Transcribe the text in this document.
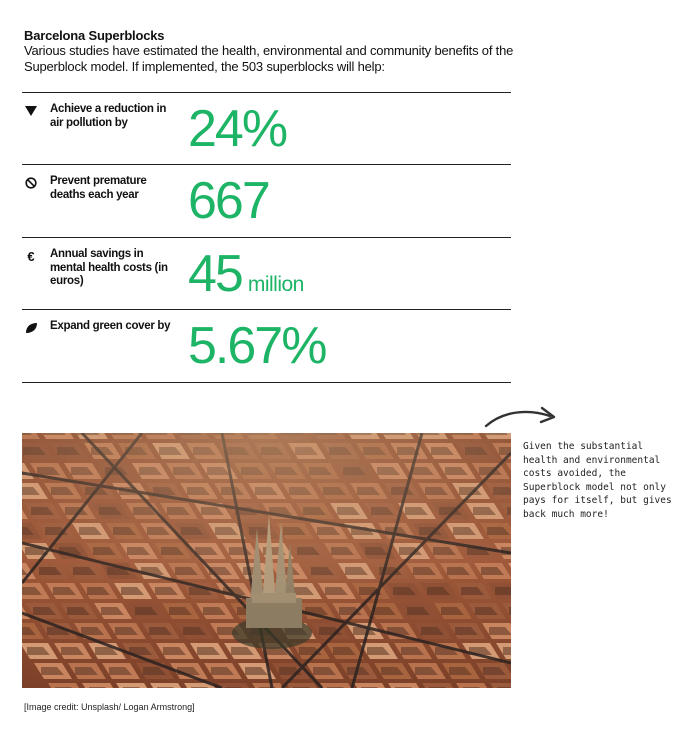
Barcelona Superblocks
Various studies have estimated the health, environmental and community benefits of the Superblock model. If implemented, the 503 superblocks will help:
Achieve a reduction in air pollution by	24%
Prevent premature deaths each year 667
€ Annual savings in mental health costs (in euros)	45 million
Expand green cover by 5.67%
Given the substantial health and environmental costs avoided, the Superblock model not only pays for itself, but gives back much more!
[Image credit: Unsplash/ Logan Armstrong]
